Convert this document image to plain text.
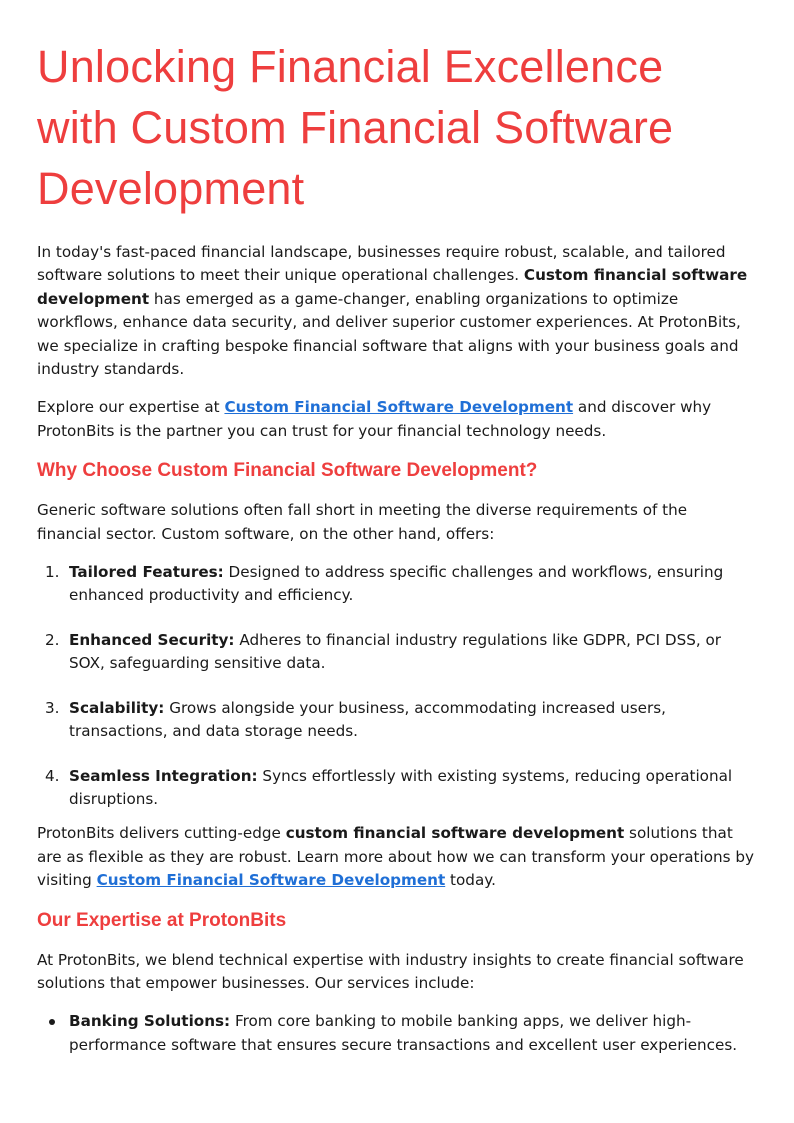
Unlocking Financial Excellence with Custom Financial Software Development

In today's fast-paced financial landscape, businesses require robust, scalable, and tailored software solutions to meet their unique operational challenges. Custom financial software development has emerged as a game-changer, enabling organizations to optimize workflows, enhance data security, and deliver superior customer experiences. At ProtonBits, we specialize in crafting bespoke financial software that aligns with your business goals and industry standards.

Explore our expertise at Custom Financial Software Development and discover why ProtonBits is the partner you can trust for your financial technology needs.

Why Choose Custom Financial Software Development?

Generic software solutions often fall short in meeting the diverse requirements of the financial sector. Custom software, on the other hand, offers:

1. Tailored Features: Designed to address specific challenges and workflows, ensuring enhanced productivity and efficiency.
2. Enhanced Security: Adheres to financial industry regulations like GDPR, PCI DSS, or SOX, safeguarding sensitive data.
3. Scalability: Grows alongside your business, accommodating increased users, transactions, and data storage needs.
4. Seamless Integration: Syncs effortlessly with existing systems, reducing operational disruptions.

ProtonBits delivers cutting-edge custom financial software development solutions that are as flexible as they are robust. Learn more about how we can transform your operations by visiting Custom Financial Software Development today.

Our Expertise at ProtonBits

At ProtonBits, we blend technical expertise with industry insights to create financial software solutions that empower businesses. Our services include:

Banking Solutions: From core banking to mobile banking apps, we deliver high-performance software that ensures secure transactions and excellent user experiences.
